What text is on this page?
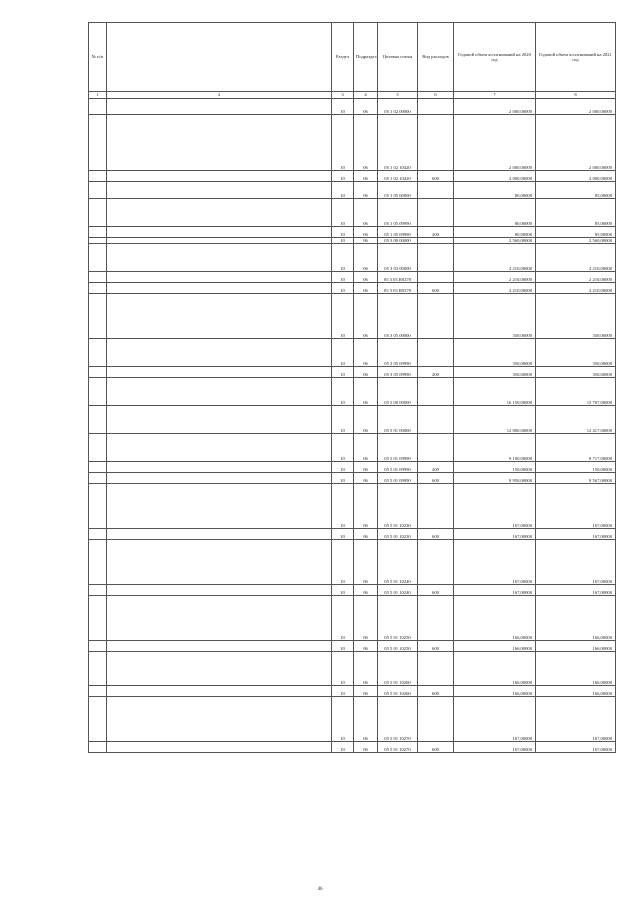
№ п/п		Раздел	Подраздел	Целевая статья	Вид расходов	Годовой объем ассигнований на 2020 год	Годовой объем ассигнований на 2021 год
1	2	3	4	5	6	7	8
		10	06	05 1 02 00000		2 000,00000	2 000,00000
		10	06	05 1 02 10420		2 000,00000	2 000,00000
		10	06	05 1 02 10420	600	2 000,00000	2 000,00000
		10	06	05 1 05 00000		80,00000	85,00000
		10	06	05 1 05 09990		80,00000	85,00000
		10	06	05 1 05 09990	200	80,00000	85,00000
		10	06	05 3 00 00000		2 560,00000	2 560,00000
		10	06	05 3 03 00000		2 210,00000	2 210,00000
		10	06	05 3 03 R0270		2 210,00000	2 210,00000
		10	06	05 3 03 R0270	600	2 210,00000	2 210,00000
		10	06	05 3 05 00000		350,00000	350,00000
		10	06	05 3 05 09990		350,00000	350,00000
		10	06	05 3 05 09990	200	350,00000	350,00000
		10	06	05 5 00 00000		16 150,00000	15 767,00000
		10	06	05 5 01 00000		12 800,00000	12 417,00000
		10	06	05 5 01 09990		9 100,00000	8 717,00000
		10	06	05 5 01 09990	200	150,00000	150,00000
		10	06	05 5 01 09990	600	8 950,00000	8 567,00000
		10	06	05 5 01 10230		167,00000	167,00000
		10	06	05 5 01 10230	600	167,00000	167,00000
		10	06	05 5 01 10240		167,00000	167,00000
		10	06	05 5 01 10240	600	167,00000	167,00000
		10	06	05 5 01 10250		166,00000	166,00000
		10	06	05 5 01 10250	600	166,00000	166,00000
		10	06	05 5 01 10260		166,00000	166,00000
		10	06	05 5 01 10260	600	166,00000	166,00000
		10	06	05 5 01 10270		167,00000	167,00000
		10	06	05 5 01 10270	600	167,00000	167,00000
46
